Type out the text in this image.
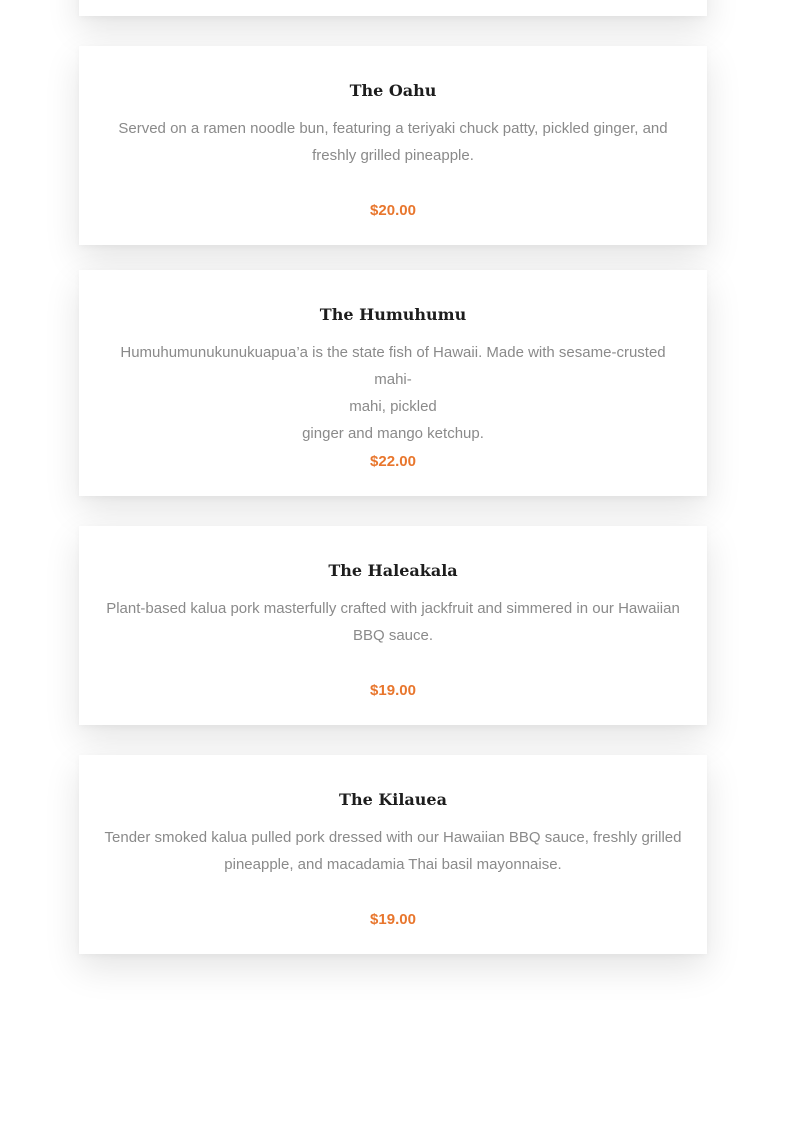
The Oahu

Served on a ramen noodle bun, featuring a teriyaki chuck patty, pickled ginger, and
freshly grilled pineapple.

$20.00

The Humuhumu

Humuhumunukunukuapua’a is the state fish of Hawaii. Made with sesame-crusted mahi-
mahi, pickled
ginger and mango ketchup.

$22.00

The Haleakala

Plant-based kalua pork masterfully crafted with jackfruit and simmered in our Hawaiian
BBQ sauce.

$19.00

The Kilauea

Tender smoked kalua pulled pork dressed with our Hawaiian BBQ sauce, freshly grilled
pineapple, and macadamia Thai basil mayonnaise.

$19.00
